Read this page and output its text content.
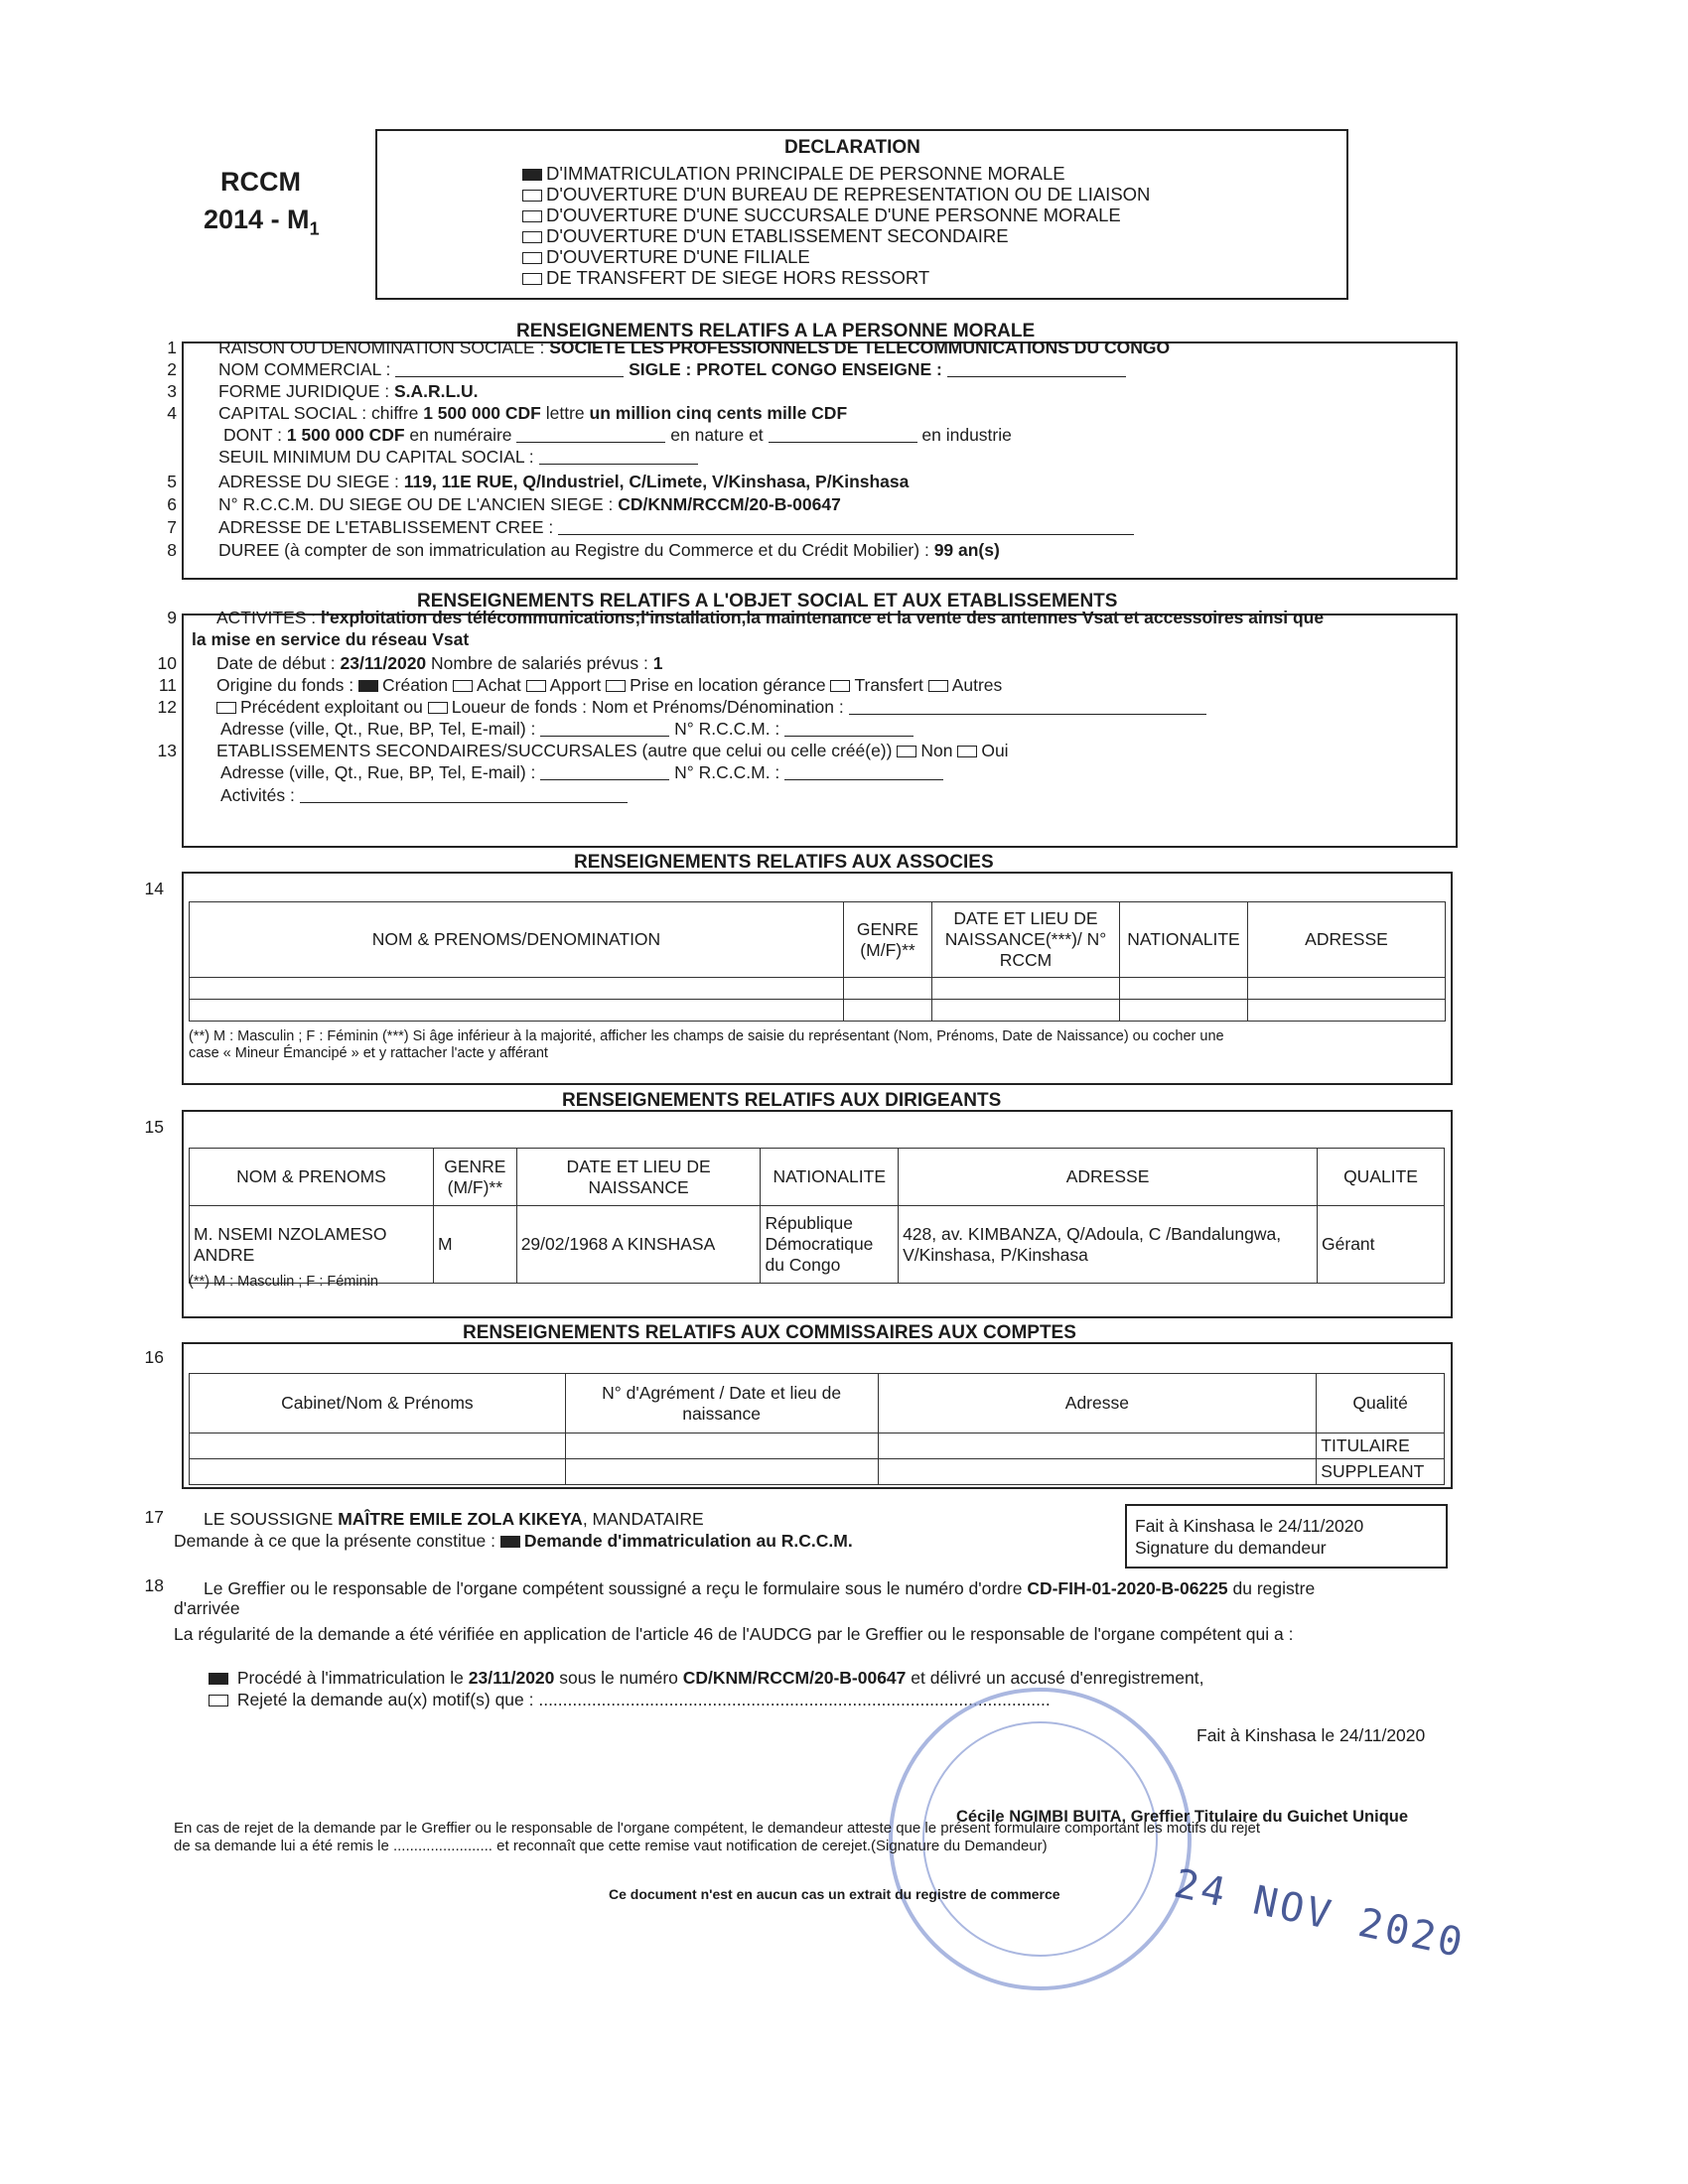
RCCM
$2014 - M_1$
DECLARATION
D'IMMATRICULATION PRINCIPALE DE PERSONNE MORALE
D'OUVERTURE D'UN BUREAU DE REPRESENTATION OU DE LIAISON
D'OUVERTURE D'UNE SUCCURSALE D'UNE PERSONNE MORALE
D'OUVERTURE D'UN ETABLISSEMENT SECONDAIRE
D'OUVERTURE D'UNE FILIALE
DE TRANSFERT DE SIEGE HORS RESSORT
RENSEIGNEMENTS RELATIFS A LA PERSONNE MORALE
1
2
3
4
5
6
7
8
RAISON OU DENOMINATION SOCIALE : SOCIETE LES PROFESSIONNELS DE TELECOMMUNICATIONS DU CONGO
NOM COMMERCIAL :	SIGLE : PROTEL CONGO ENSEIGNE :
FORME JURIDIQUE : S.A.R.L.U.
CAPITAL SOCIAL : chiffre 1 500 000 CDF lettre un million cinq cents mille CDF
DONT : 1 500 000 CDF en numéraire	en nature et	en industrie
SEUIL MINIMUM DU CAPITAL SOCIAL :
ADRESSE DU SIEGE : 119, 11E RUE, Q/Industriel, C/Limete, V/Kinshasa, P/Kinshasa
N° R.C.C.M. DU SIEGE OU DE L'ANCIEN SIEGE : CD/KNM/RCCM/20-B-00647
ADRESSE DE L'ETABLISSEMENT CREE :
DUREE (à compter de son immatriculation au Registre du Commerce et du Crédit Mobilier) : 99 an(s)
RENSEIGNEMENTS RELATIFS A L'OBJET SOCIAL ET AUX ETABLISSEMENTS
9
10
11
12
13
ACTIVITES : l'exploitation des télécommunications;l'installation,la maintenance et la vente des antennes Vsat et accessoires ainsi que
la mise en service du réseau Vsat
Date de début : 23/11/2020 Nombre de salariés prévus : 1
Origine du fonds : Création Achat Apport Prise en location gérance Transfert Autres
Précédent exploitant ou Loueur de fonds : Nom et Prénoms/Dénomination :
Adresse (ville, Qt., Rue, BP, Tel, E-mail) :	N° R.C.C.M. :
ETABLISSEMENTS SECONDAIRES/SUCCURSALES (autre que celui ou celle créé(e)) Non Oui
Adresse (ville, Qt., Rue, BP, Tel, E-mail) :	N° R.C.C.M. :
Activités :
RENSEIGNEMENTS RELATIFS AUX ASSOCIES
14
NOM & PRENOMS/DENOMINATION	GENRE (M/F)**	DATE ET LIEU DE NAISSANCE(***)/ N° RCCM	NATIONALITE	ADRESSE

(**) M : Masculin ; F : Féminin (***) Si âge inférieur à la majorité, afficher les champs de saisie du représentant (Nom, Prénoms, Date de Naissance) ou cocher une
case « Mineur Émancipé » et y rattacher l'acte y afférant
RENSEIGNEMENTS RELATIFS AUX DIRIGEANTS
15
NOM & PRENOMS	GENRE (M/F)**	DATE ET LIEU DE NAISSANCE	NATIONALITE	ADRESSE	QUALITE
M. NSEMI NZOLAMESO ANDRE	M	29/02/1968 A KINSHASA	République Démocratique du Congo	428, av. KIMBANZA, Q/Adoula, C /Bandalungwa, V/Kinshasa, P/Kinshasa	Gérant
(**) M : Masculin ; F : Féminin
RENSEIGNEMENTS RELATIFS AUX COMMISSAIRES AUX COMPTES
16
Cabinet/Nom & Prénoms	N° d'Agrément / Date et lieu de naissance	Adresse	Qualité
			TITULAIRE
			SUPPLEANT
17 LE SOUSSIGNE MAÎTRE EMILE ZOLA KIKEYA, MANDATAIRE
Demande à ce que la présente constitue : Demande d'immatriculation au R.C.C.M.
Fait à Kinshasa le 24/11/2020
Signature du demandeur
18 Le Greffier ou le responsable de l'organe compétent soussigné a reçu le formulaire sous le numéro d'ordre CD-FIH-01-2020-B-06225 du registre
d'arrivée
La régularité de la demande a été vérifiée en application de l'article 46 de l'AUDCG par le Greffier ou le responsable de l'organe compétent qui a :
Procédé à l'immatriculation le 23/11/2020 sous le numéro CD/KNM/RCCM/20-B-00647 et délivré un accusé d'enregistrement,
Rejeté la demande au(x) motif(s) que : ..........................................................................................................
Fait à Kinshasa le 24/11/2020
Cécile NGIMBI BUITA, Greffier Titulaire du Guichet Unique
En cas de rejet de la demande par le Greffier ou le responsable de l'organe compétent, le demandeur atteste que le présent formulaire comportant les motifs du rejet
de sa demande lui a été remis le ........................ et reconnaît que cette remise vaut notification de cerejet.(Signature du Demandeur)
Ce document n'est en aucun cas un extrait du registre de commerce	24 NOV 2020
